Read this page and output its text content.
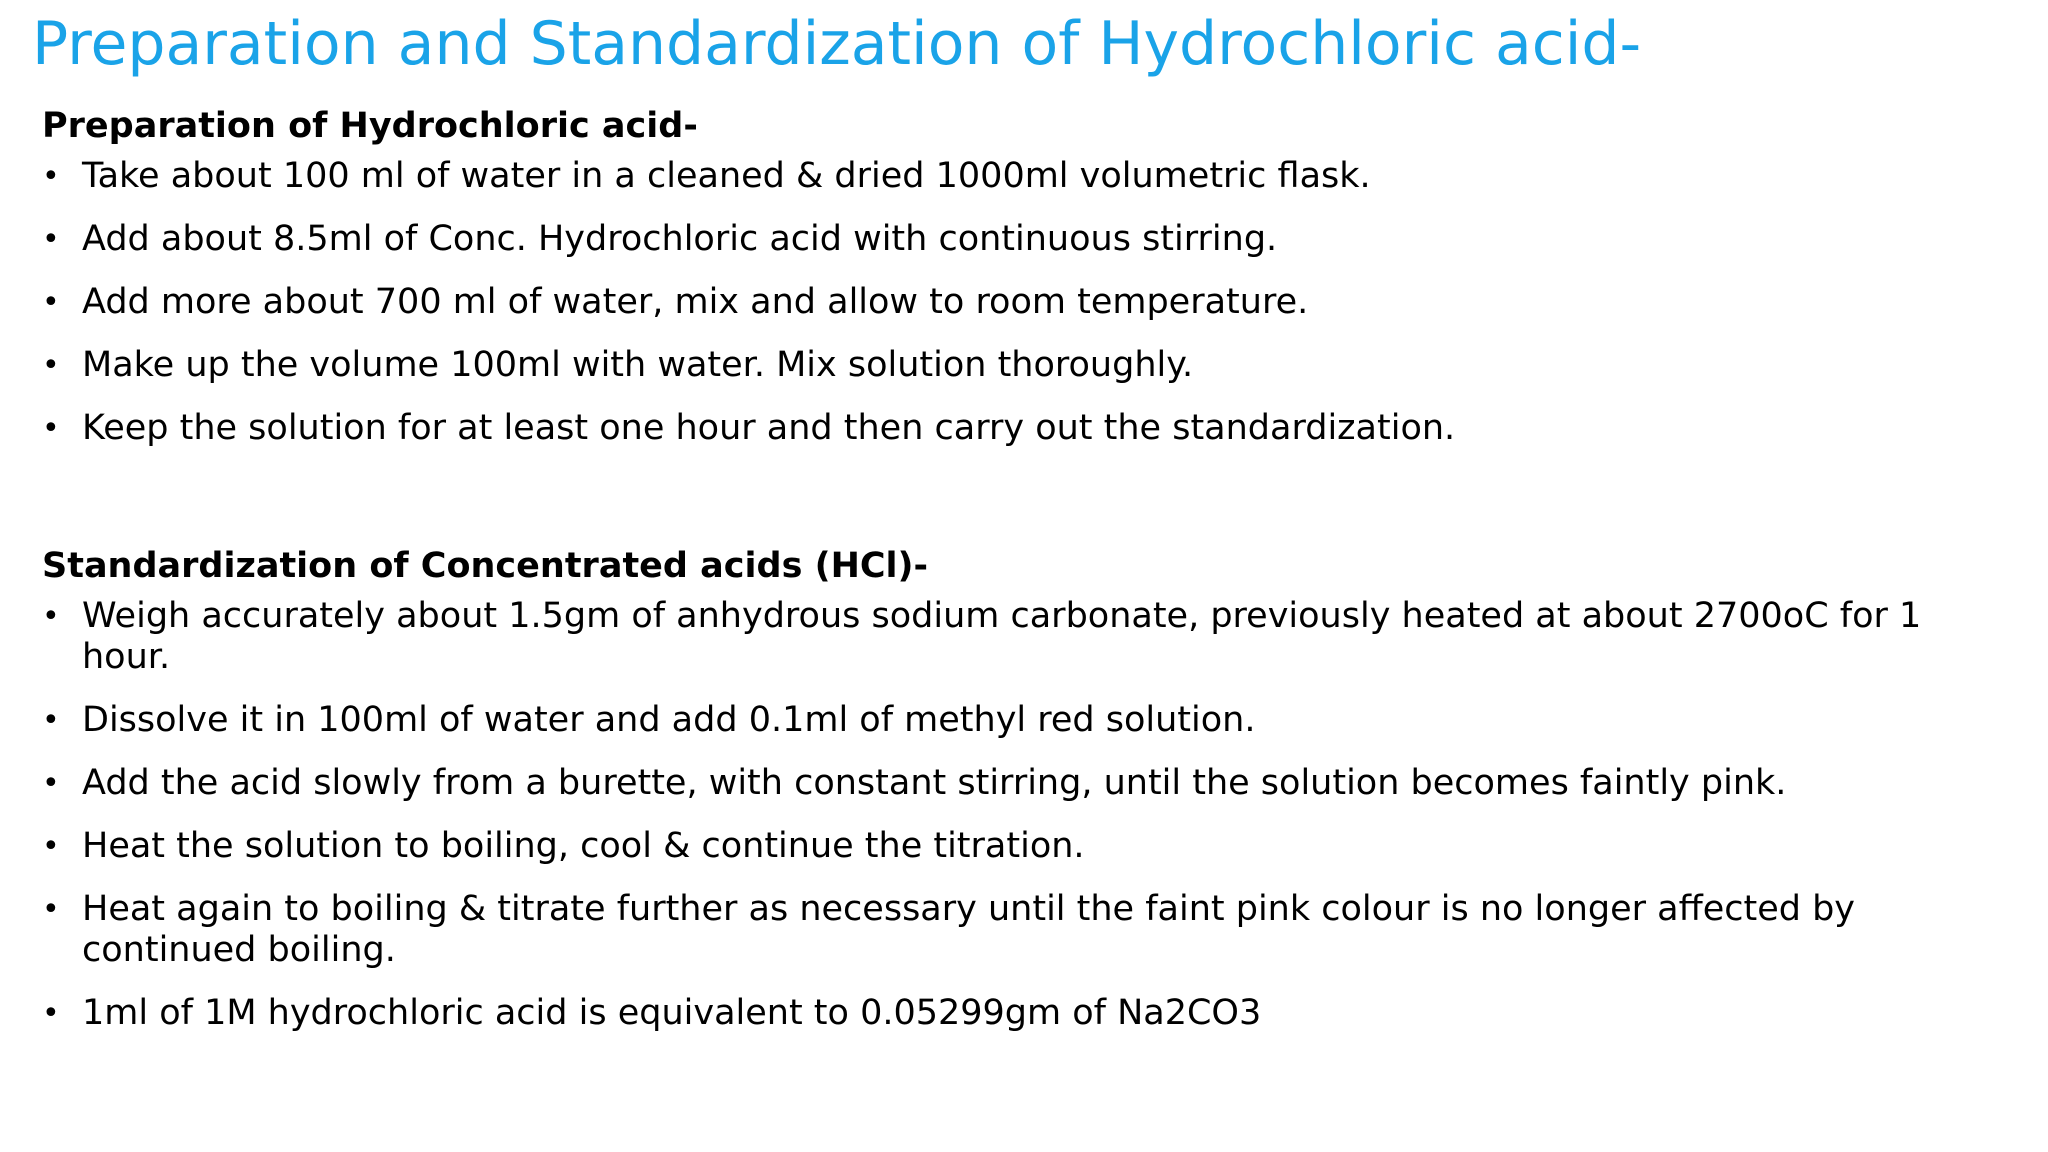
Preparation and Standardization of Hydrochloric acid-
Preparation of Hydrochloric acid-
• Take about 100 ml of water in a cleaned & dried 1000ml volumetric flask.
• Add about 8.5ml of Conc. Hydrochloric acid with continuous stirring.
• Add more about 700 ml of water, mix and allow to room temperature.
• Make up the volume 100ml with water. Mix solution thoroughly.
• Keep the solution for at least one hour and then carry out the standardization.
Standardization of Concentrated acids (HCl)-
• Weigh accurately about 1.5gm of anhydrous sodium carbonate, previously heated at about 2700oC for 1 hour.
• Dissolve it in 100ml of water and add 0.1ml of methyl red solution.
• Add the acid slowly from a burette, with constant stirring, until the solution becomes faintly pink.
• Heat the solution to boiling, cool & continue the titration.
• Heat again to boiling & titrate further as necessary until the faint pink colour is no longer affected by continued boiling.
• 1ml of 1M hydrochloric acid is equivalent to 0.05299gm of Na2CO3
